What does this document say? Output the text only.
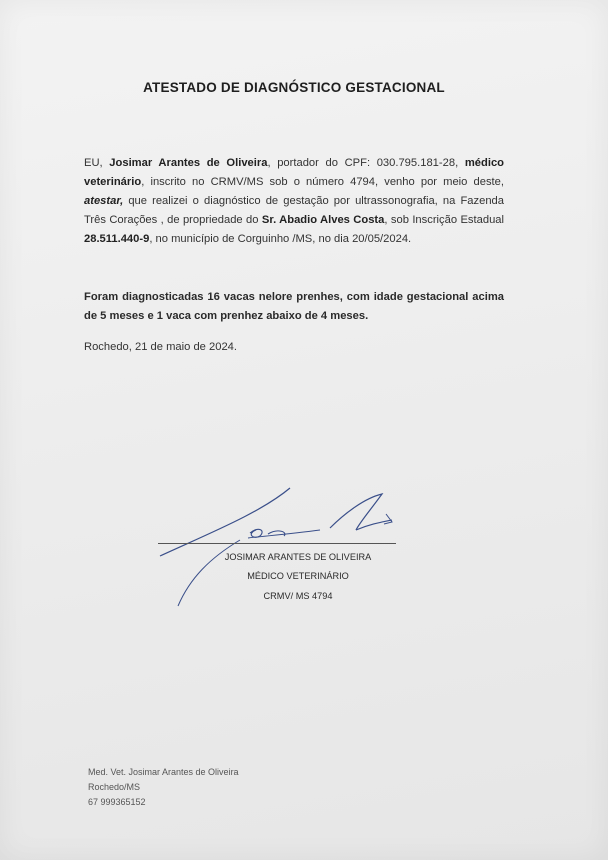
ATESTADO DE DIAGNÓSTICO GESTACIONAL
EU, Josimar Arantes de Oliveira, portador do CPF: 030.795.181-28, médico veterinário, inscrito no CRMV/MS sob o número 4794, venho por meio deste, atestar, que realizei o diagnóstico de gestação por ultrassonografia, na Fazenda Três Corações , de propriedade do Sr. Abadio Alves Costa, sob Inscrição Estadual 28.511.440-9, no município de Corguinho /MS, no dia 20/05/2024.
Foram diagnosticadas 16 vacas nelore prenhes, com idade gestacional acima de 5 meses e 1 vaca com prenhez abaixo de 4 meses.
Rochedo, 21 de maio de 2024.
JOSIMAR ARANTES DE OLIVEIRA
MÉDICO VETERINÁRIO
CRMV/ MS 4794
Med. Vet. Josimar Arantes de Oliveira
Rochedo/MS
67 999365152
